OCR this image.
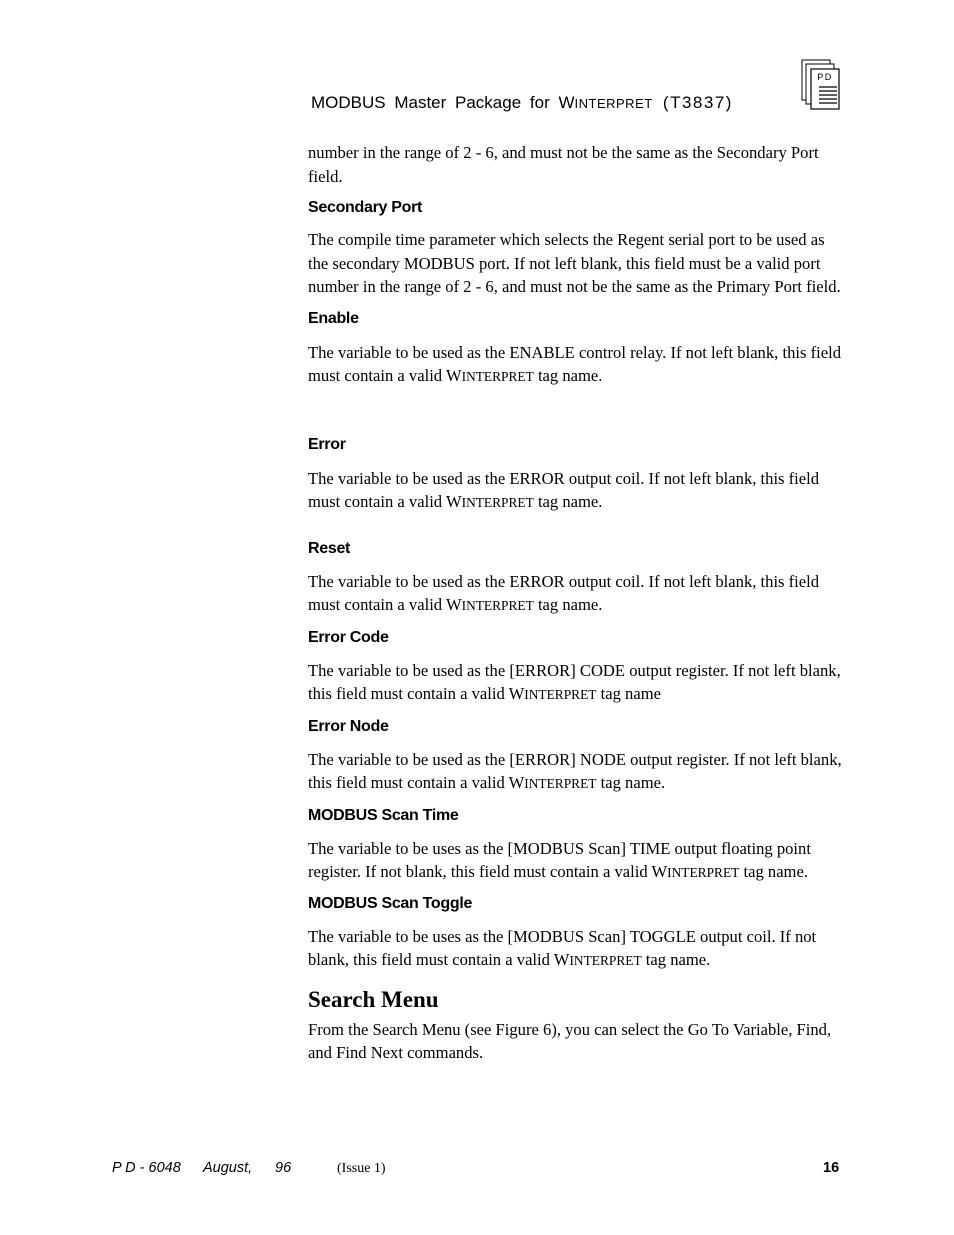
MODBUS Master Package for WINTERPRET (T3837)
PD

number in the range of 2 - 6, and must not be the same as the Secondary Port field.

Secondary Port

The compile time parameter which selects the Regent serial port to be used as the secondary MODBUS port. If not left blank, this field must be a valid port number in the range of 2 - 6, and must not be the same as the Primary Port field.

Enable

The variable to be used as the ENABLE control relay. If not left blank, this field must contain a valid WINTERPRET tag name.

Error

The variable to be used as the ERROR output coil. If not left blank, this field must contain a valid WINTERPRET tag name.

Reset

The variable to be used as the ERROR output coil. If not left blank, this field must contain a valid WINTERPRET tag name.

Error Code

The variable to be used as the [ERROR] CODE output register. If not left blank, this field must contain a valid WINTERPRET tag name

Error Node

The variable to be used as the [ERROR] NODE output register. If not left blank, this field must contain a valid WINTERPRET tag name.

MODBUS Scan Time

The variable to be uses as the [MODBUS Scan] TIME output floating point register. If not blank, this field must contain a valid WINTERPRET tag name.

MODBUS Scan Toggle

The variable to be uses as the [MODBUS Scan] TOGGLE output coil. If not blank, this field must contain a valid WINTERPRET tag name.

Search Menu

From the Search Menu (see Figure 6), you can select the Go To Variable, Find, and Find Next commands.

P D - 6048 August, 96	(Issue 1)	16
